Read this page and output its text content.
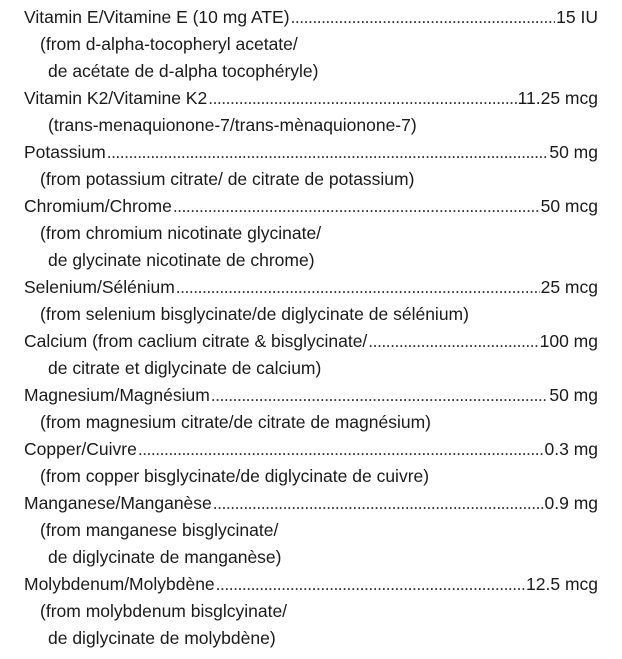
Vitamin E/Vitamine E (10 mg ATE) .....	15 IU
(from d-alpha-tocopheryl acetate/
de acétate de d-alpha tocophéryle)
Vitamin K2/Vitamine K2 .....	11.25 mcg
(trans-menaquionone-7/trans-mènaquionone-7)
Potassium .....	50 mg
(from potassium citrate/ de citrate de potassium)
Chromium/Chrome .....	50 mcg
(from chromium nicotinate glycinate/
de glycinate nicotinate de chrome)
Selenium/Sélénium .....	25 mcg
(from selenium bisglycinate/de diglycinate de sélénium)
Calcium (from caclium citrate & bisglycinate/ .....	100 mg
de citrate et diglycinate de calcium)
Magnesium/Magnésium .....	50 mg
(from magnesium citrate/de citrate de magnésium)
Copper/Cuivre .....	0.3 mg
(from copper bisglycinate/de diglycinate de cuivre)
Manganese/Manganèse .....	0.9 mg
(from manganese bisglycinate/
de diglycinate de manganèse)
Molybdenum/Molybdène .....	12.5 mcg
(from molybdenum bisglcyinate/
de diglycinate de molybdène)
